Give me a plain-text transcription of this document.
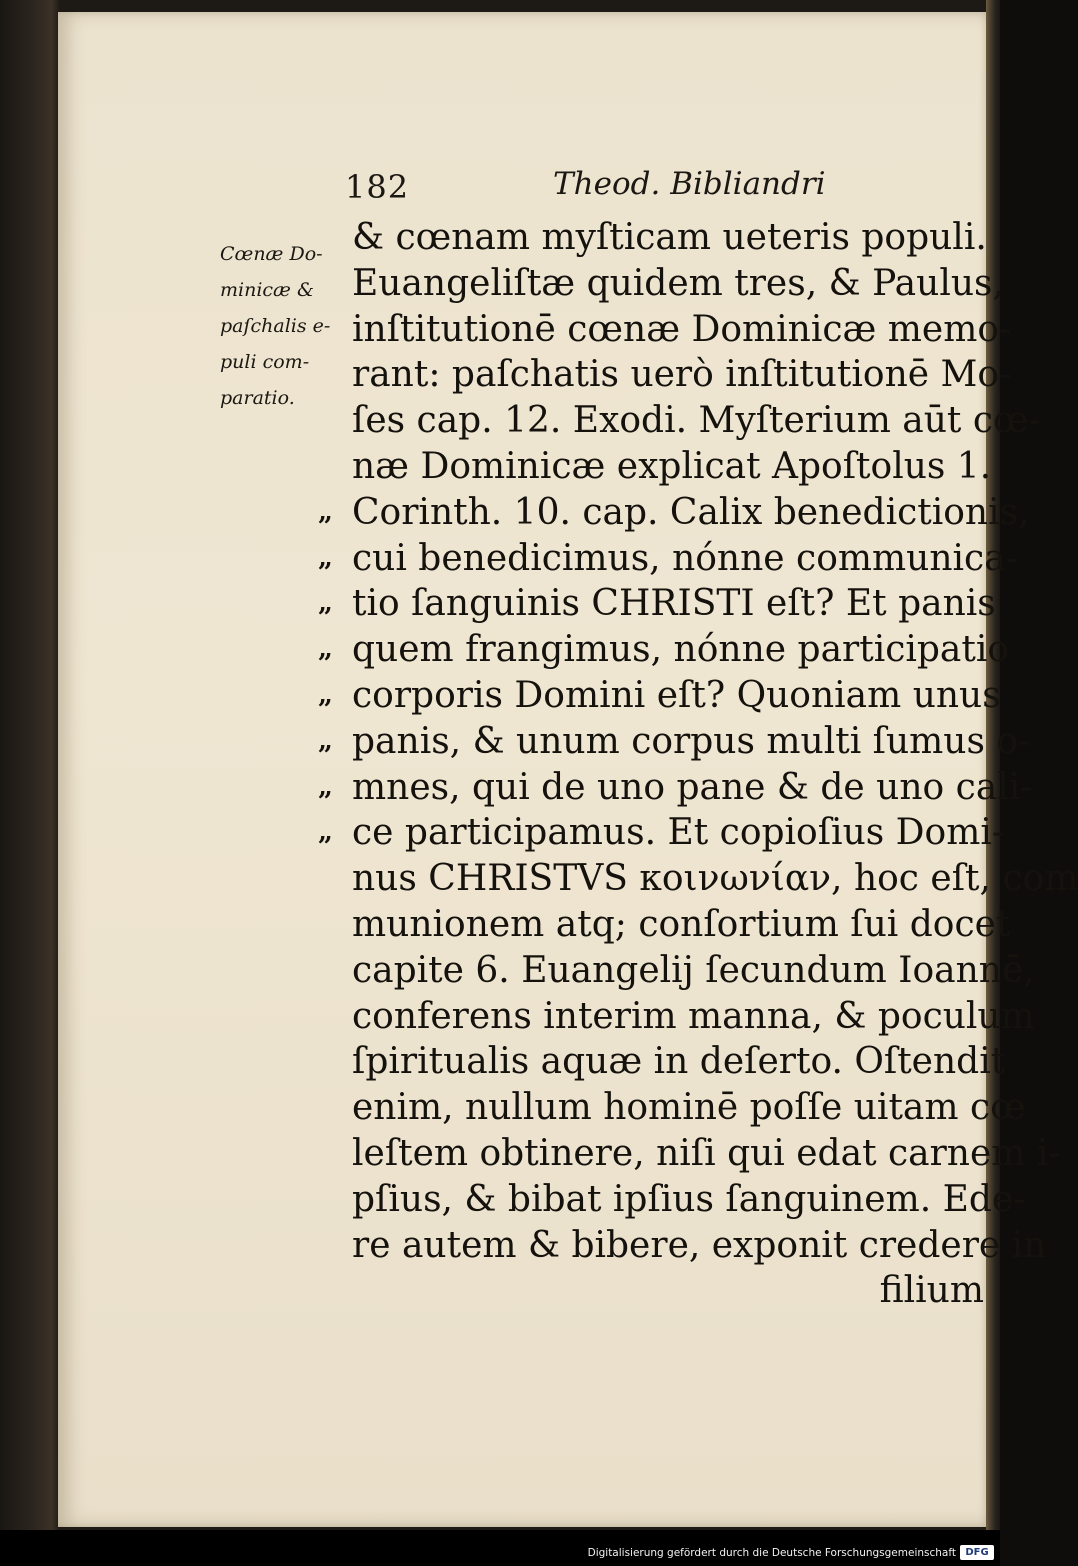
182	Theod. Bibliandri
Cœnæ Do-
minicæ &
paſchalis e-
puli com-
paratio.
& cœnam myſticam ueteris populi.
Euangeliſtæ quidem tres, & Paulus,
inſtitutionē cœnæ Dominicæ memo-
rant: paſchatis uerò inſtitutionē Mo-
ſes cap. 12. Exodi. Myſterium aūt cœ-
næ Dominicæ explicat Apoſtolus 1.
„ Corinth. 10. cap. Calix benedictionis,
„ cui benedicimus, nónne communica-
„ tio ſanguinis CHRISTI eſt? Et panis
„ quem frangimus, nónne participatio
„ corporis Domini eſt? Quoniam unus
„ panis, & unum corpus multi ſumus o-
„ mnes, qui de uno pane & de uno cali-
„ ce participamus. Et copioſius Domi-
nus CHRISTVS κοινωνίαν, hoc eſt, com
munionem atq; conſortium ſui docet
capite 6. Euangelij ſecundum Ioannē,
conferens interim manna, & poculum
ſpiritualis aquæ in deſerto. Oſtendit
enim, nullum hominē poſſe uitam cœ
leſtem obtinere, niſi qui edat carnem i-
pſius, & bibat ipſius ſanguinem. Ede-
re autem & bibere, exponit credere in
filium
Digitalisierung gefördert durch die Deutsche Forschungsgemeinschaft DFG
